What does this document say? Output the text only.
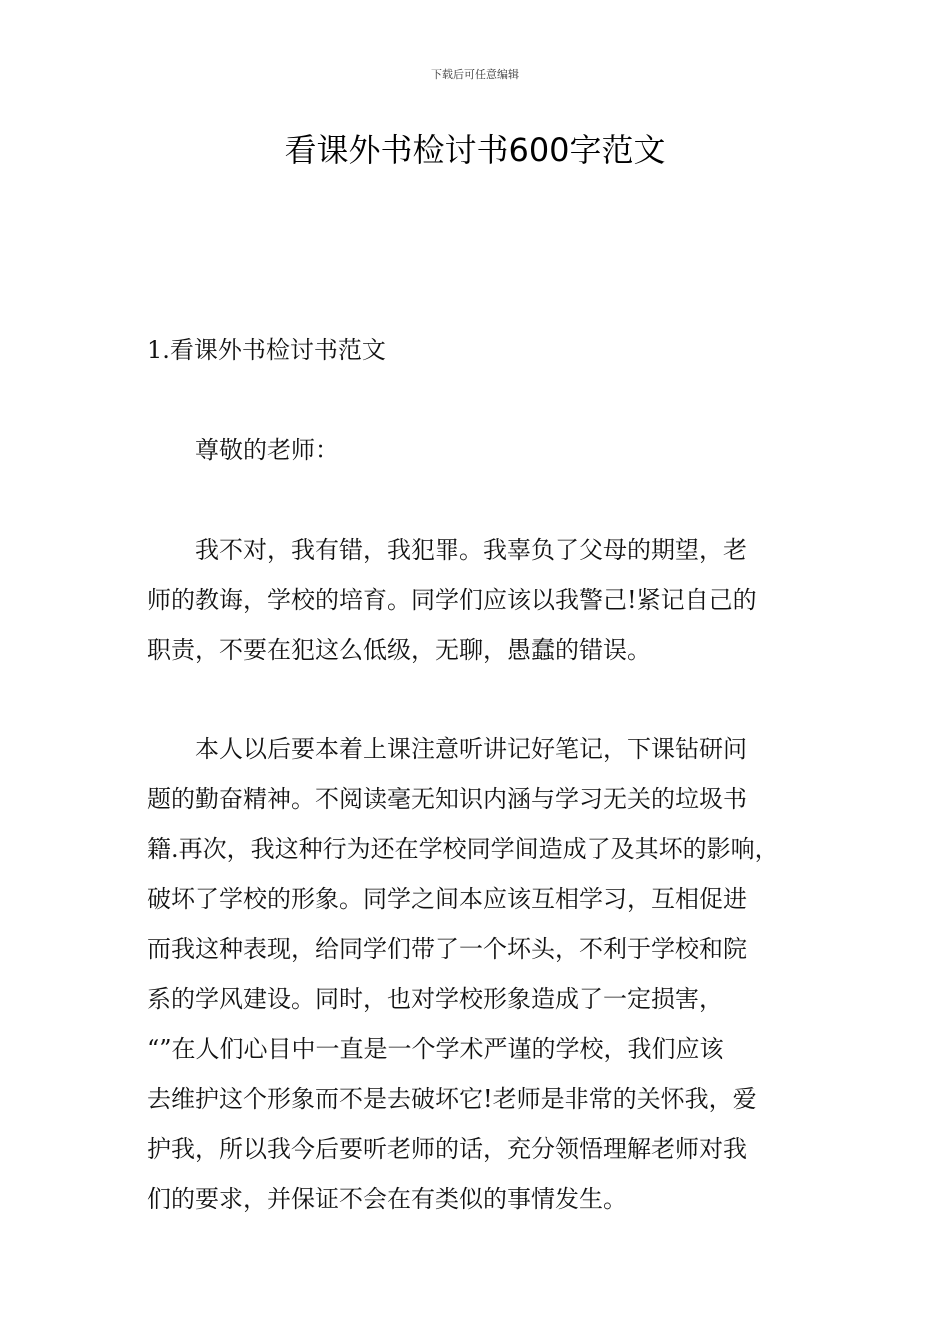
下载后可任意编辑
看课外书检讨书600字范文

1.看课外书检讨书范文

尊敬的老师：

我不对，我有错，我犯罪。我辜负了父母的期望，老
师的教诲，学校的培育。同学们应该以我警己!紧记自己的
职责，不要在犯这么低级，无聊，愚蠢的错误。
本人以后要本着上课注意听讲记好笔记，下课钻研问
题的勤奋精神。不阅读毫无知识内涵与学习无关的垃圾书
籍.再次，我这种行为还在学校同学间造成了及其坏的影响，
破坏了学校的形象。同学之间本应该互相学习，互相促进
而我这种表现，给同学们带了一个坏头，不利于学校和院
系的学风建设。同时，也对学校形象造成了一定损害，
“”在人们心目中一直是一个学术严谨的学校，我们应该
去维护这个形象而不是去破坏它!老师是非常的关怀我，爱
护我，所以我今后要听老师的话，充分领悟理解老师对我
们的要求，并保证不会在有类似的事情发生。
